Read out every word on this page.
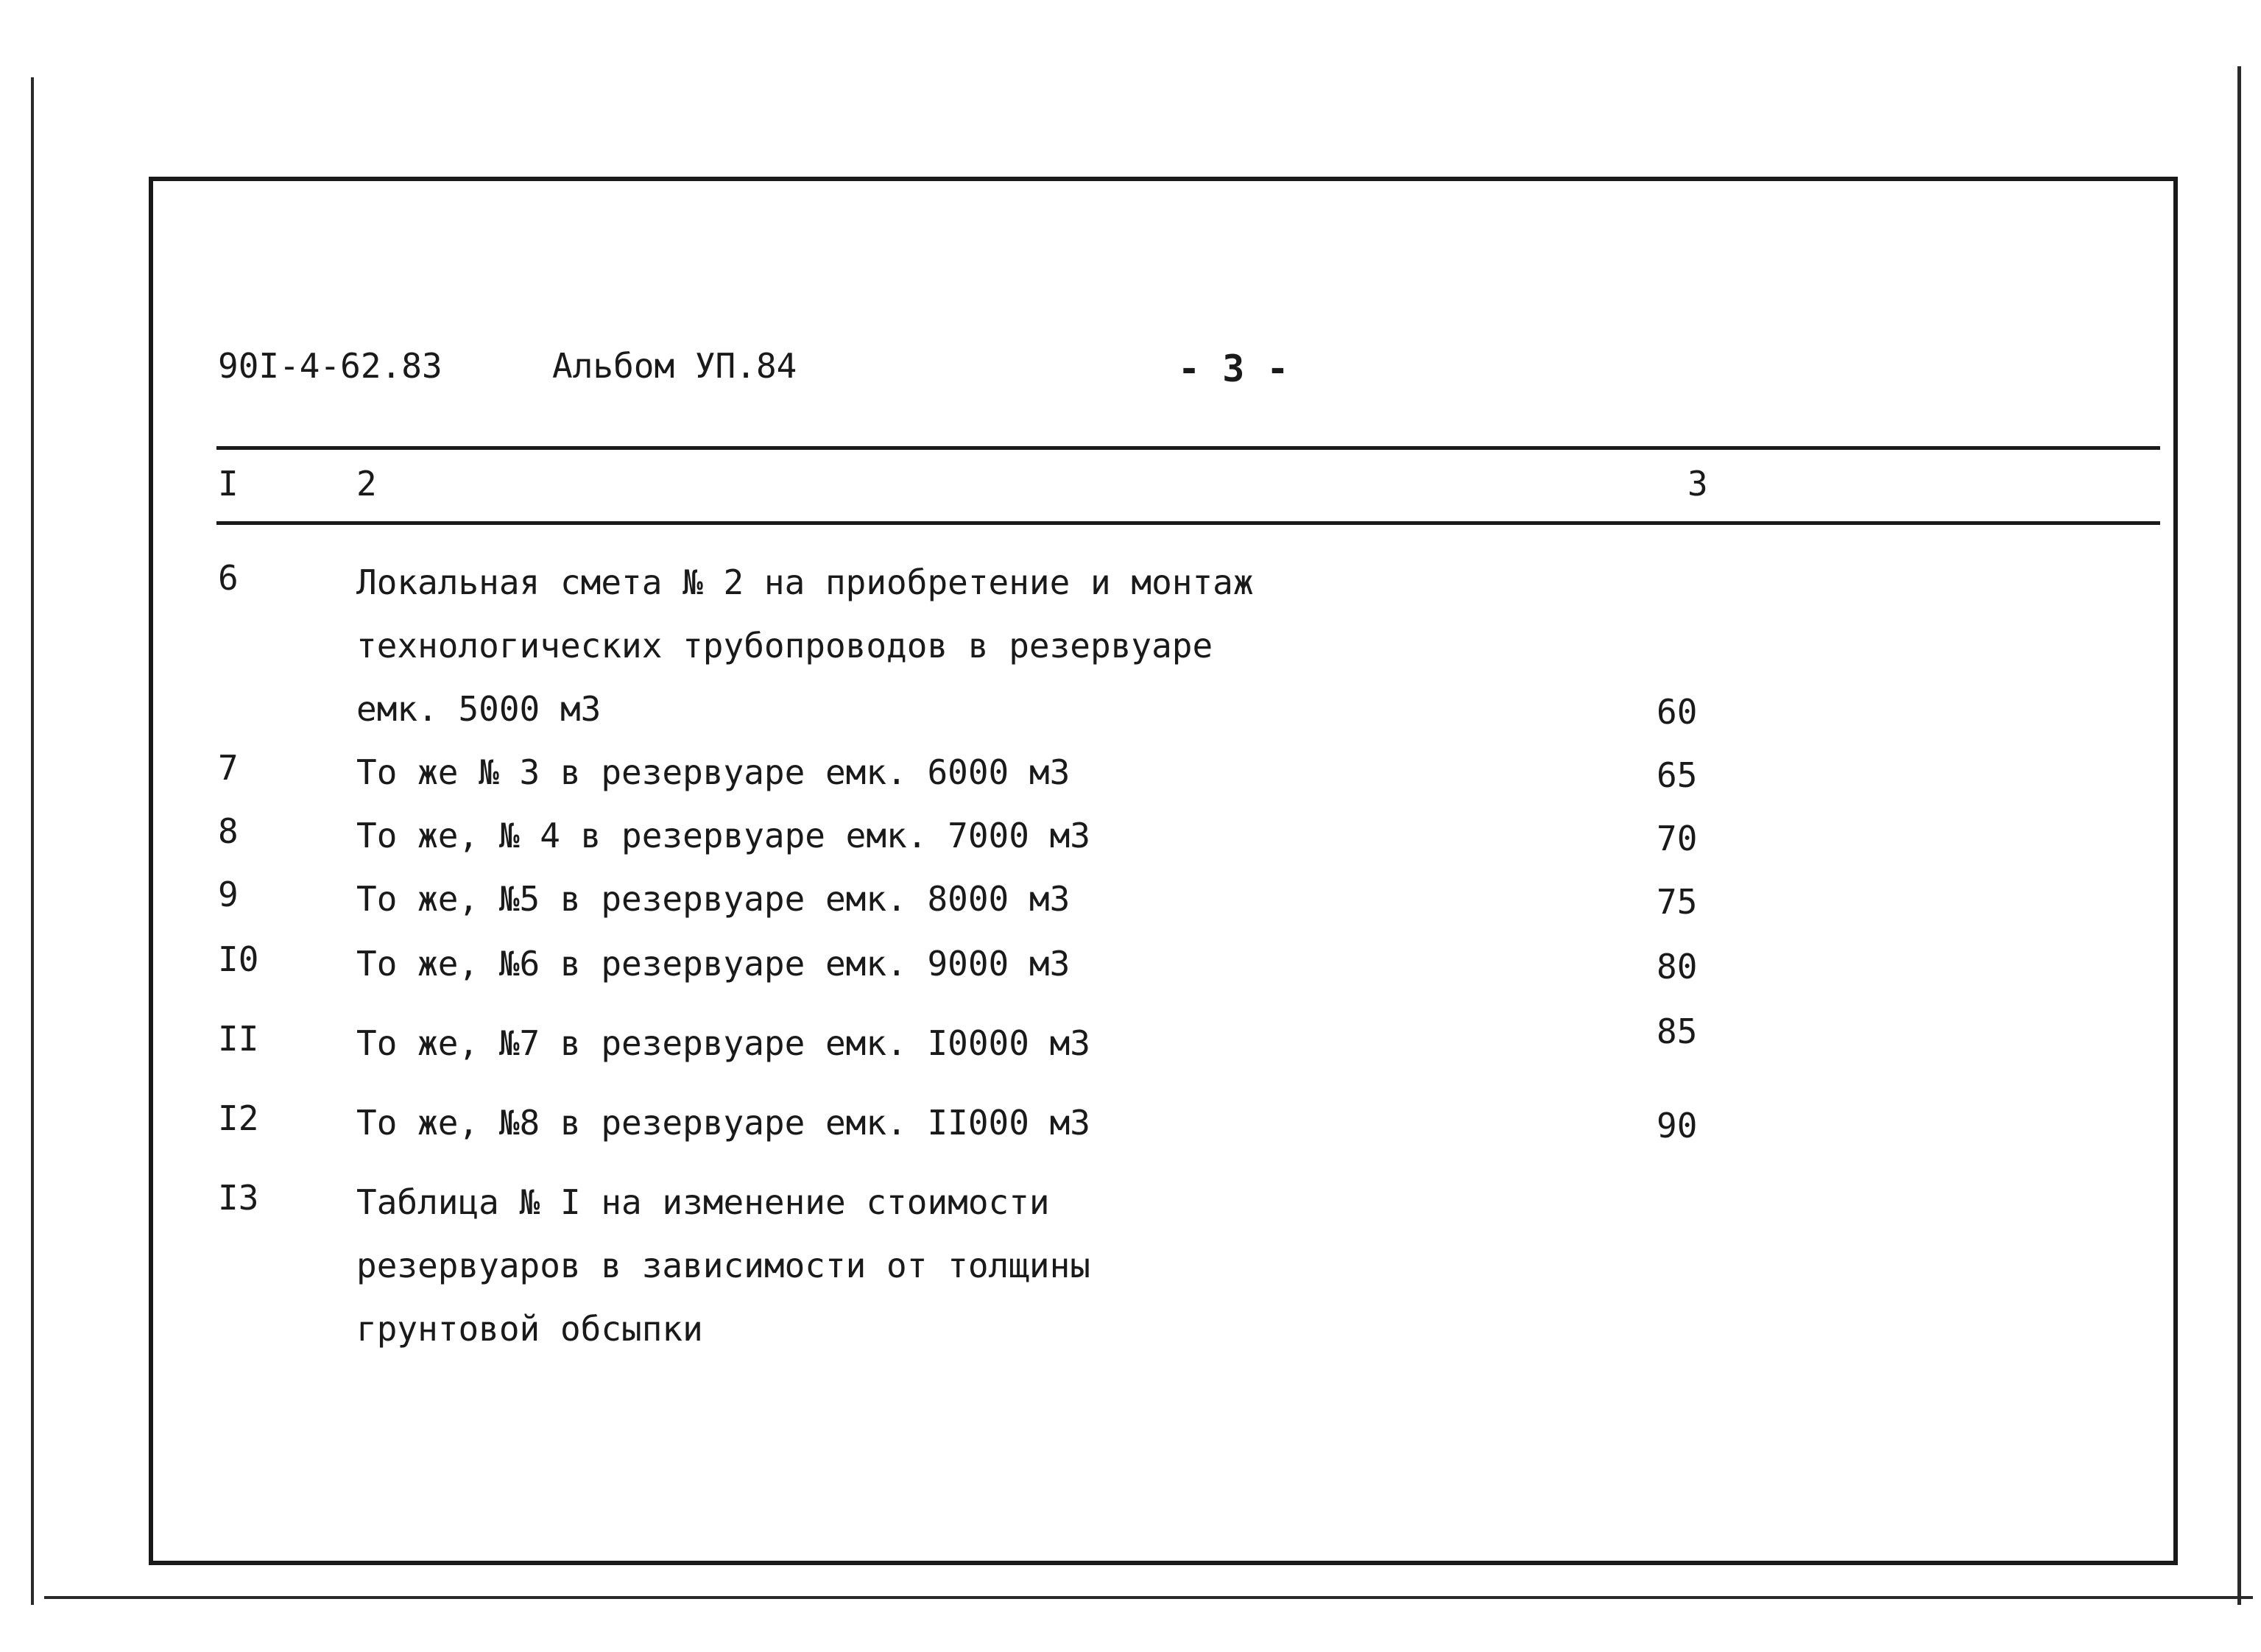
90I-4-62.83	Альбом УП.84	- 3 -
I	2	3
6	Локальная смета № 2 на приобретение и монтаж
технологических трубопроводов в резервуаре
емк. 5000 м3	60
7	То же № 3 в резервуаре емк. 6000 м3	65
8	То же, № 4 в резервуаре емк. 7000 м3	70
9	То же, №5 в резервуаре емк. 8000 м3	75
I0	То же, №6 в резервуаре емк. 9000 м3	80
II	То же, №7 в резервуаре емк. I0000 м3	85
I2	То же, №8 в резервуаре емк. II000 м3	90
I3	Таблица № I на изменение стоимости
резервуаров в зависимости от толщины
грунтовой обсыпки
